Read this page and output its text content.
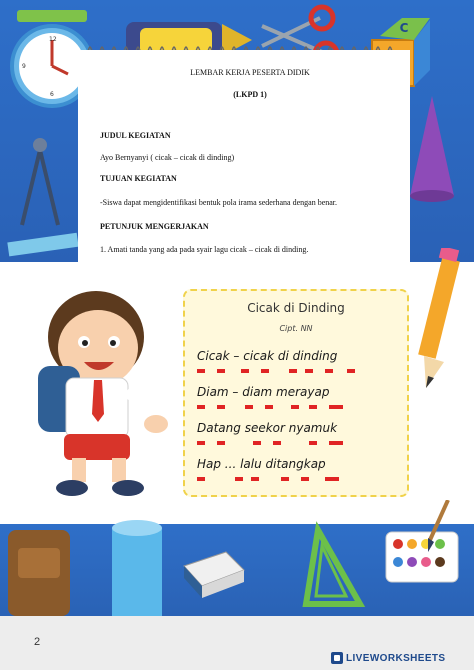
12
6
9
C
LEMBAR KERJA PESERTA DIDIK
(LKPD 1)
JUDUL KEGIATAN
Ayo Bernyanyi ( cicak – cicak di dinding)
TUJUAN KEGIATAN
-Siswa dapat mengidentifikasi bentuk pola irama sederhana dengan benar.
PETUNJUK MENGERJAKAN
1. Amati tanda yang ada pada syair lagu cicak – cicak di dinding.
Cicak di Dinding
Cipt. NN
Cicak – cicak di dinding
Diam – diam merayap
Datang seekor nyamuk
Hap ... lalu ditangkap
2
LIVEWORKSHEETS
